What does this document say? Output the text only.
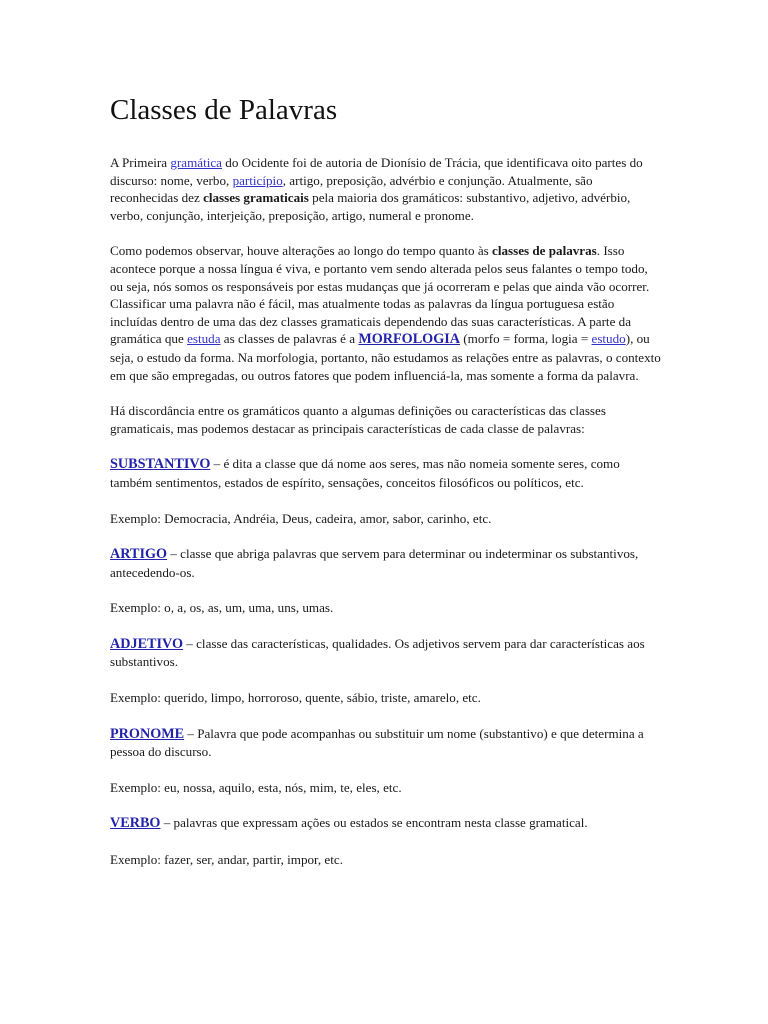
Classes de Palavras

A Primeira gramática do Ocidente foi de autoria de Dionísio de Trácia, que identificava oito partes do discurso: nome, verbo, particípio, artigo, preposição, advérbio e conjunção. Atualmente, são reconhecidas dez classes gramaticais pela maioria dos gramáticos: substantivo, adjetivo, advérbio, verbo, conjunção, interjeição, preposição, artigo, numeral e pronome.

Como podemos observar, houve alterações ao longo do tempo quanto às classes de palavras. Isso acontece porque a nossa língua é viva, e portanto vem sendo alterada pelos seus falantes o tempo todo, ou seja, nós somos os responsáveis por estas mudanças que já ocorreram e pelas que ainda vão ocorrer. Classificar uma palavra não é fácil, mas atualmente todas as palavras da língua portuguesa estão incluídas dentro de uma das dez classes gramaticais dependendo das suas características. A parte da gramática que estuda as classes de palavras é a MORFOLOGIA (morfo = forma, logia = estudo), ou seja, o estudo da forma. Na morfologia, portanto, não estudamos as relações entre as palavras, o contexto em que são empregadas, ou outros fatores que podem influenciá-la, mas somente a forma da palavra.

Há discordância entre os gramáticos quanto a algumas definições ou características das classes gramaticais, mas podemos destacar as principais características de cada classe de palavras:

SUBSTANTIVO – é dita a classe que dá nome aos seres, mas não nomeia somente seres, como também sentimentos, estados de espírito, sensações, conceitos filosóficos ou políticos, etc.

Exemplo: Democracia, Andréia, Deus, cadeira, amor, sabor, carinho, etc.

ARTIGO – classe que abriga palavras que servem para determinar ou indeterminar os substantivos, antecedendo-os.

Exemplo: o, a, os, as, um, uma, uns, umas.

ADJETIVO – classe das características, qualidades. Os adjetivos servem para dar características aos substantivos.

Exemplo: querido, limpo, horroroso, quente, sábio, triste, amarelo, etc.

PRONOME – Palavra que pode acompanhas ou substituir um nome (substantivo) e que determina a pessoa do discurso.

Exemplo: eu, nossa, aquilo, esta, nós, mim, te, eles, etc.

VERBO – palavras que expressam ações ou estados se encontram nesta classe gramatical.

Exemplo: fazer, ser, andar, partir, impor, etc.
